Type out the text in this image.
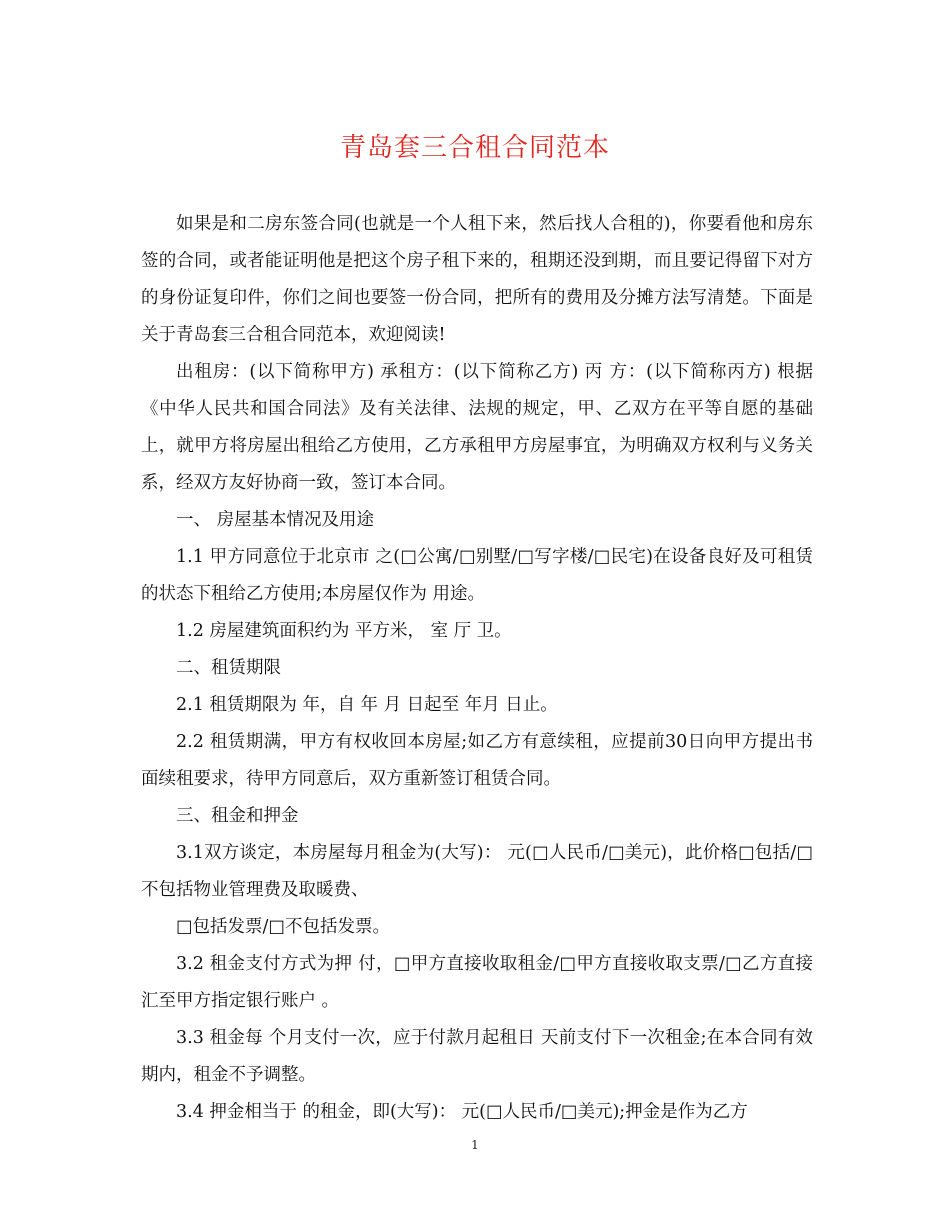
青岛套三合租合同范本

如果是和二房东签合同(也就是一个人租下来，然后找人合租的)，你要看他和房东签的合同，或者能证明他是把这个房子租下来的，租期还没到期，而且要记得留下对方的身份证复印件，你们之间也要签一份合同，把所有的费用及分摊方法写清楚。下面是关于青岛套三合租合同范本，欢迎阅读!

出租房：(以下简称甲方) 承租方：(以下简称乙方) 丙 方：(以下简称丙方) 根据《中华人民共和国合同法》及有关法律、法规的规定，甲、乙双方在平等自愿的基础上，就甲方将房屋出租给乙方使用，乙方承租甲方房屋事宜，为明确双方权利与义务关系，经双方友好协商一致，签订本合同。

一、 房屋基本情况及用途

1.1 甲方同意位于北京市 之(□公寓/□别墅/□写字楼/□民宅)在设备良好及可租赁的状态下租给乙方使用;本房屋仅作为 用途。

1.2 房屋建筑面积约为 平方米， 室 厅 卫。

二、租赁期限

2.1 租赁期限为 年，自 年 月 日起至 年月 日止。

2.2 租赁期满，甲方有权收回本房屋;如乙方有意续租，应提前30日向甲方提出书面续租要求，待甲方同意后，双方重新签订租赁合同。

三、租金和押金

3.1双方谈定，本房屋每月租金为(大写)： 元(□人民币/□美元)，此价格□包括/□不包括物业管理费及取暖费、

□包括发票/□不包括发票。

3.2 租金支付方式为押 付，□甲方直接收取租金/□甲方直接收取支票/□乙方直接汇至甲方指定银行账户 。

3.3 租金每 个月支付一次，应于付款月起租日 天前支付下一次租金;在本合同有效期内，租金不予调整。

3.4 押金相当于 的租金，即(大写)： 元(□人民币/□美元);押金是作为乙方

1
